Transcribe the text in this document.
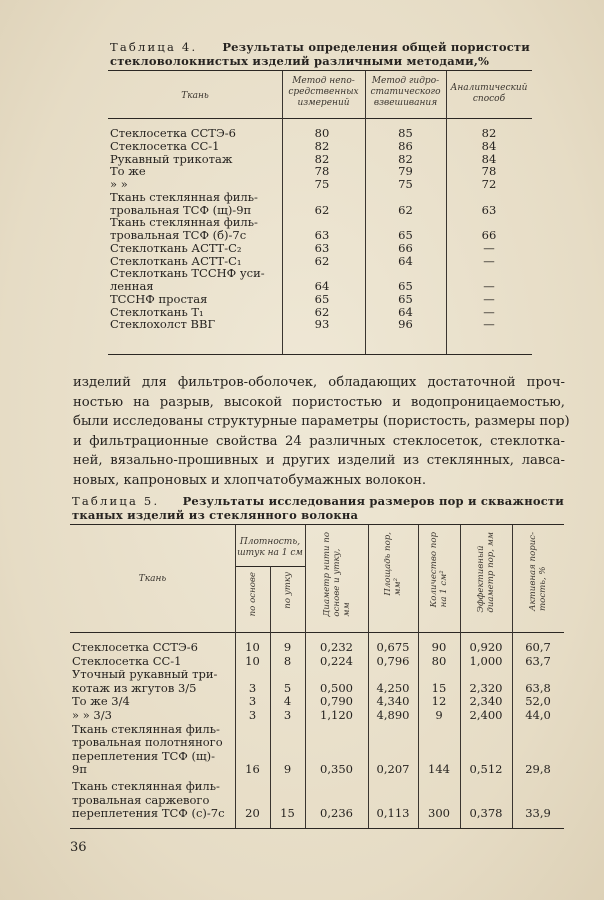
Таблица 4. Результаты определения общей пористости
стекловолокнистых изделий различными методами,%
Ткань
Метод непо-
средственных
измерений
Метод гидро-
статического
взвешивания
Аналитический
способ
Стеклосетка ССТЭ-6	80	85	82
Стеклосетка СС-1	82	86	84
Рукавный трикотаж	82	82	84
То же	78	79	78
» »	75	75	72
Ткань стеклянная филь-
тровальная ТСФ (щ)-9п	62	62	63
Ткань стеклянная филь-
тровальная ТСФ (б)-7с	63	65	66
Стеклоткань АСТТ-С₂	63	66	—
Стеклоткань АСТТ-С₁	62	64	—
Стеклоткань ТССНФ уси-
ленная	64	65	—
ТССНФ простая	65	65	—
Стеклоткань Т₁	62	64	—
Стеклохолст ВВГ	93	96	—
изделий для фильтров-оболочек, обладающих достаточной проч-
ностью на разрыв, высокой пористостью и водопроницаемостью,
были исследованы структурные параметры (пористость, размеры пор)
и фильтрационные свойства 24 различных стеклосеток, стеклотка-
ней, вязально-прошивных и других изделий из стеклянных, лавса-
новых, капроновых и хлопчатобумажных волокон.
Таблица 5. Результаты исследования размеров пор и скважности
тканых изделий из стеклянного волокна
Ткань
Плотность,
штук на 1 см
по основе	по утку	Диаметр нити по
основе и утку,
мм
Площадь пор,
мм²	Количество пор
на 1 см²	Эффективный
диаметр пор, мм
Активная порис-
тость, %
Стеклосетка ССТЭ-6	10	9	0,232	0,675	90	0,920	60,7
Стеклосетка СС-1	10	8	0,224	0,796	80	1,000	63,7
Уточный рукавный три-
котаж из жгутов 3/5	3	5	0,500	4,250	15	2,320	63,8
То же 3/4	3	4	0,790	4,340	12	2,340	52,0
» » 3/3	3	3	1,120	4,890	9	2,400	44,0
Ткань стеклянная филь-
тровальная полотняного
переплетения ТСФ (щ)-
9п	16	9	0,350	0,207	144	0,512	29,8
Ткань стеклянная филь-
тровальная саржевого
переплетения ТСФ (с)-7с	20	15	0,236	0,113	300	0,378	33,9
36
